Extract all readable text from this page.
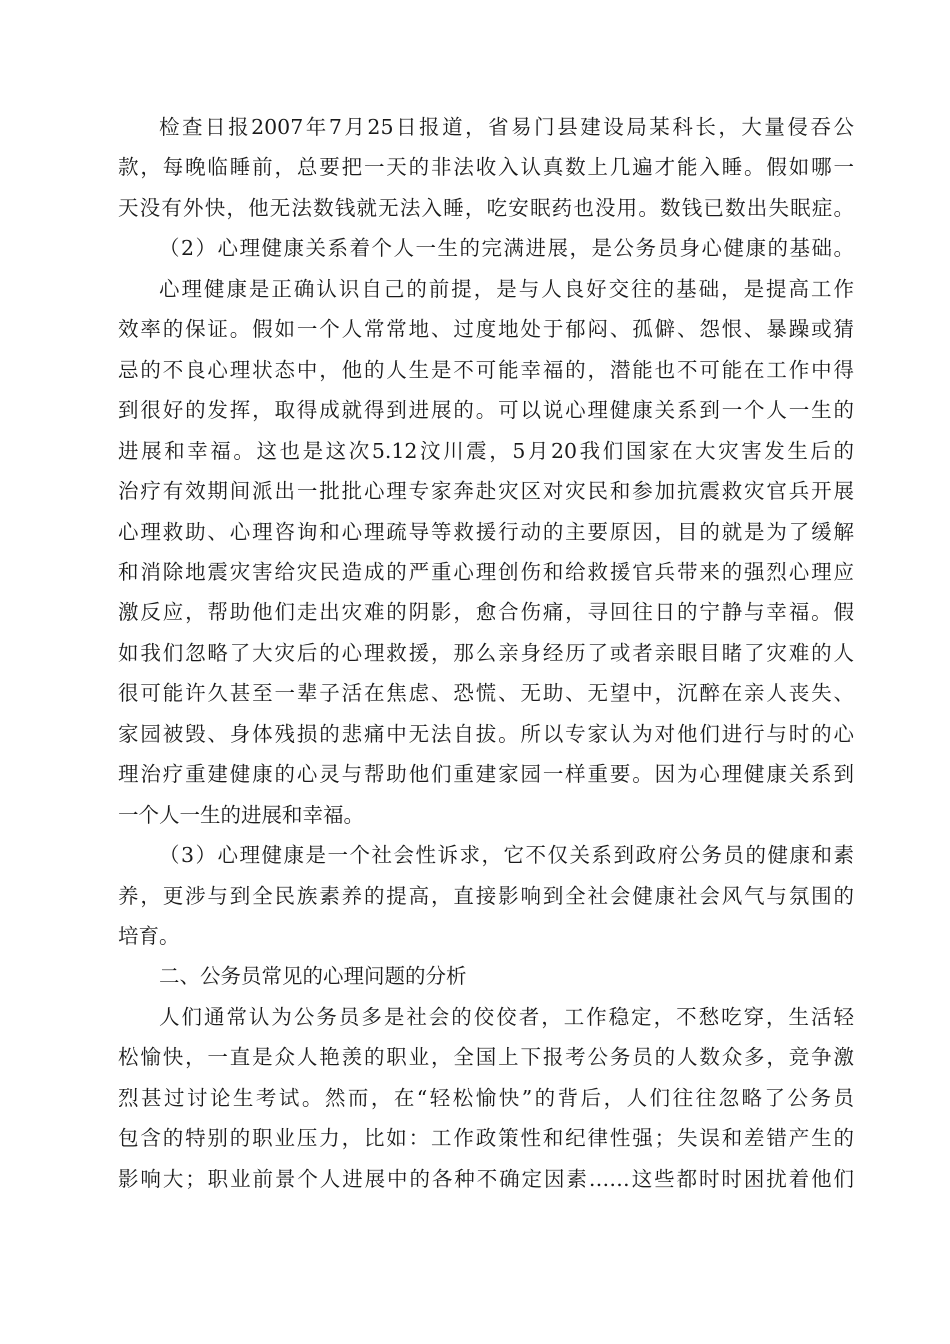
检查日报2007年7月25日报道，省易门县建设局某科长，大量侵吞公
款，每晚临睡前，总要把一天的非法收入认真数上几遍才能入睡。假如哪一
天没有外快，他无法数钱就无法入睡，吃安眠药也没用。数钱已数出失眠症。
（2）心理健康关系着个人一生的完满进展，是公务员身心健康的基础。
心理健康是正确认识自己的前提，是与人良好交往的基础，是提高工作
效率的保证。假如一个人常常地、过度地处于郁闷、孤僻、怨恨、暴躁或猜
忌的不良心理状态中，他的人生是不可能幸福的，潜能也不可能在工作中得
到很好的发挥，取得成就得到进展的。可以说心理健康关系到一个人一生的
进展和幸福。这也是这次5.12汶川震，5月20我们国家在大灾害发生后的
治疗有效期间派出一批批心理专家奔赴灾区对灾民和参加抗震救灾官兵开展
心理救助、心理咨询和心理疏导等救援行动的主要原因，目的就是为了缓解
和消除地震灾害给灾民造成的严重心理创伤和给救援官兵带来的强烈心理应
激反应，帮助他们走出灾难的阴影，愈合伤痛，寻回往日的宁静与幸福。假
如我们忽略了大灾后的心理救援，那么亲身经历了或者亲眼目睹了灾难的人
很可能许久甚至一辈子活在焦虑、恐慌、无助、无望中，沉醉在亲人丧失、
家园被毁、身体残损的悲痛中无法自拔。所以专家认为对他们进行与时的心
理治疗重建健康的心灵与帮助他们重建家园一样重要。因为心理健康关系到
一个人一生的进展和幸福。
（3）心理健康是一个社会性诉求，它不仅关系到政府公务员的健康和素
养，更涉与到全民族素养的提高，直接影响到全社会健康社会风气与氛围的
培育。
二、公务员常见的心理问题的分析
人们通常认为公务员多是社会的佼佼者，工作稳定，不愁吃穿，生活轻
松愉快，一直是众人艳羡的职业，全国上下报考公务员的人数众多，竞争激
烈甚过讨论生考试。然而，在“轻松愉快”的背后，人们往往忽略了公务员
包含的特别的职业压力，比如：工作政策性和纪律性强；失误和差错产生的
影响大；职业前景个人进展中的各种不确定因素……这些都时时困扰着他们
